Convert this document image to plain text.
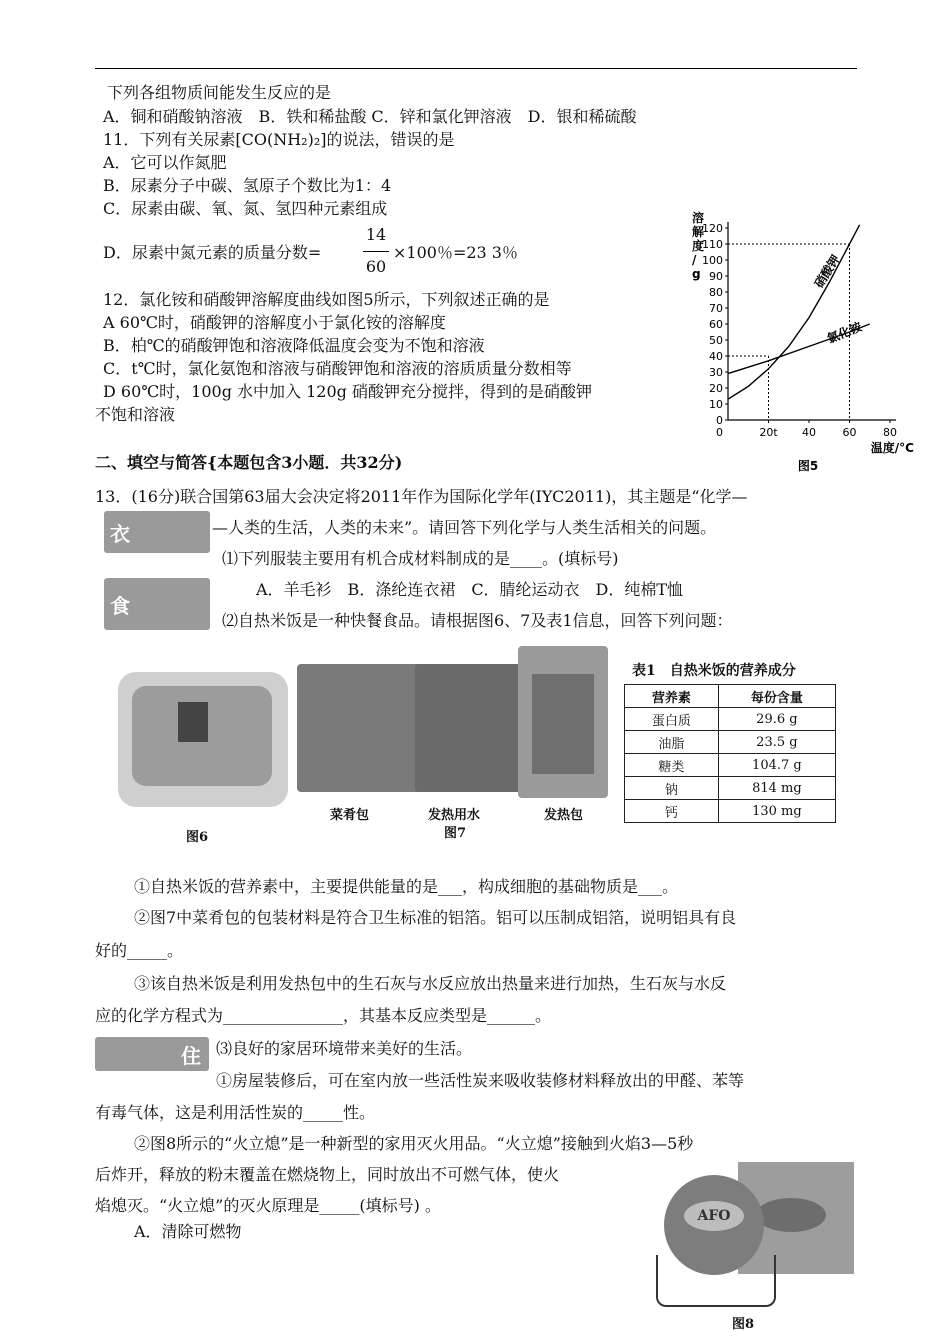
下列各组物质间能发生反应的是
A．铜和硝酸钠溶液　B．铁和稀盐酸 C．锌和氯化钾溶液　D．银和稀硫酸
11．下列有关尿素[CO(NH₂)₂]的说法，错误的是
A．它可以作氮肥
B．尿素分子中碳、氢原子个数比为1：4
C．尿素由碳、氧、氮、氢四种元素组成
D．尿素中氮元素的质量分数=
14
60
×100％=23 3％
12．氯化铵和硝酸钾溶解度曲线如图5所示，下列叙述正确的是
A 60℃时，硝酸钾的溶解度小于氯化铵的溶解度
B．柏℃的硝酸钾饱和溶液降低温度会变为不饱和溶液
C．t℃时，氯化氨饱和溶液与硝酸钾饱和溶液的溶质质量分数相等
D 60℃时，100g 水中加入 120g 硝酸钾充分搅拌，得到的是硝酸钾
不饱和溶液	0
10
20
30
40
50
60
70
80
90
100
110
120
0	20t 40 60 80
硝酸钾
氯化铵
溶解度/ g
温度/°C
图5
二、填空与简答{本题包含3小题．共32分)
13．(16分)联合国第63届大会决定将2011年作为国际化学年(IYC2011)，其主题是“化学—
衣	—人类的生活，人类的未来”。请回答下列化学与人类生活相关的问题。
⑴下列服装主要用有机合成材料制成的是____。(填标号)
食
A．羊毛衫　B．涤纶连衣裙　C．腈纶运动衣　D．纯棉T恤
⑵自热米饭是一种快餐食品。请根据图6、7及表1信息，回答下列问题：
图6
菜肴包	发热用水	发热包
图7
表1　自热米饭的营养成分
营养素	每份含量
蛋白质	29.6 g
油脂	23.5 g
糖类	104.7 g
钠	814 mg
钙	130 mg
①自热米饭的营养素中，主要提供能量的是___，构成细胞的基础物质是___。
②图7中菜肴包的包装材料是符合卫生标准的铝箔。铝可以压制成铝箔，说明铝具有良
好的_____。
③该自热米饭是利用发热包中的生石灰与水反应放出热量来进行加热，生石灰与水反
应的化学方程式为_______________，其基本反应类型是______。
住 ⑶良好的家居环境带来美好的生活。
①房屋装修后，可在室内放一些活性炭来吸收装修材料释放出的甲醛、苯等
有毒气体，这是利用活性炭的_____性。
②图8所示的“火立熄”是一种新型的家用灭火用品。“火立熄”接触到火焰3—5秒
后炸开，释放的粉末覆盖在燃烧物上，同时放出不可燃气体，使火
焰熄灭。“火立熄”的灭火原理是_____(填标号) 。
A．清除可燃物
AFO
图8
